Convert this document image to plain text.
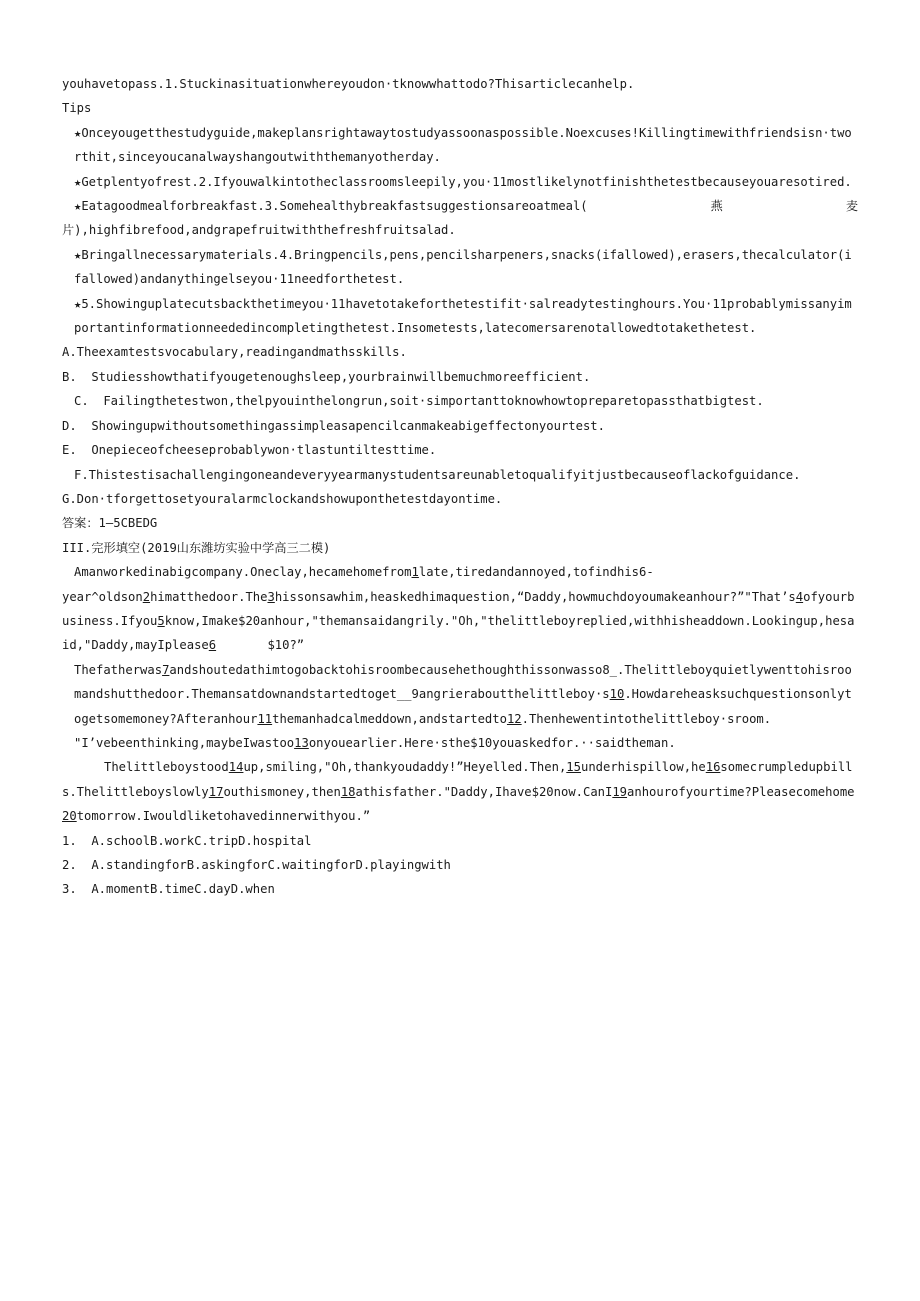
youhavetopass.1.Stuckinasituationwhereyoudon·tknowwhattodo?Thisarticlecanhelp.
Tips
★Onceyougetthestudyguide,makeplansrightawaytostudyassoonaspossible.Noexcuses!Killingtimewithfriendsisn·tworthit,sinceyoucanalwayshangoutwiththemanyotherday.
★Getplentyofrest.2.Ifyouwalkintotheclassroomsleepily,you·11mostlikelynotfinishthetestbecauseyouaresotired.
★Eatagoodmealforbreakfast.3.Somehealthybreakfastsuggestionsareoatmeal(	燕	麦
片),highfibrefood,andgrapefruitwiththefreshfruitsalad.
★Bringallnecessarymaterials.4.Bringpencils,pens,pencilsharpeners,snacks(ifallowed),erasers,thecalculator(ifallowed)andanythingelseyou·11needforthetest.
★5.Showinguplatecutsbackthetimeyou·11havetotakeforthetestifit·salreadytestinghours.You·11probablymissanyimportantinformationneededincompletingthetest.Insometests,latecomersarenotallowedtotakethetest.
A.Theexamtestsvocabulary,readingandmathsskills.
B.  Studiesshowthatifyougetenoughsleep,yourbrainwillbemuchmoreefficient.
C.  Failingthetestwon,thelpyouinthelongrun,soit·simportanttoknowhowtopreparetopassthatbigtest.
D.  Showingupwithoutsomethingassimpleasapencilcanmakeabigeffectonyourtest.
E.  Onepieceofcheeseprobablywon·tlastuntiltesttime.
F.Thistestisachallengingoneandeveryyearmanystudentsareunabletoqualifyitjustbecauseoflackofguidance.
G.Don·tforgettosetyouralarmclockandshowuponthetestdayontime.
答案：1—5CBEDG
III.完形填空(2019山东潍坊实验中学高三二模)
Amanworkedinabigcompany.Oneclay,hecamehomefrom1late,tiredandannoyed,tofindhis6-
year^oldson2himatthedoor.The3hissonsawhim,heaskedhimaquestion,“Daddy,howmuchdoyoumakeanhour?”"That’s4ofyourbusiness.Ifyou5know,Imake$20anhour,"themansaidangrily."Oh,"thelittleboyreplied,withhisheaddown.Lookingup,hesaid,"Daddy,mayIplease6       $10?”
Thefatherwas7andshoutedathimtogobacktohisroombecausehethoughthissonwasso8_.Thelittleboyquietlywenttohisroomandshutthedoor.Themansatdownandstartedtoget__9angrieraboutthelittleboy·s10.Howdareheasksuchquestionsonlytogetsomemoney?Afteranhour11themanhadcalmeddown,andstartedto12.Thenhewentintothelittleboy·sroom.
"I’vebeenthinking,maybeIwastoo13onyouearlier.Here·sthe$10youaskedfor.··saidtheman.
Thelittleboystood14up,smiling,"Oh,thankyoudaddy!”Heyelled.Then,15underhispillow,he16somecrumpledupbills.Thelittleboyslowly17outhismoney,then18athisfather."Daddy,Ihave$20now.CanI19anhourofyourtime?Pleasecomehome20tomorrow.Iwouldliketohavedinnerwithyou.”
1.  A.schoolB.workC.tripD.hospital
2.  A.standingforB.askingforC.waitingforD.playingwith
3.  A.momentB.timeC.dayD.when
